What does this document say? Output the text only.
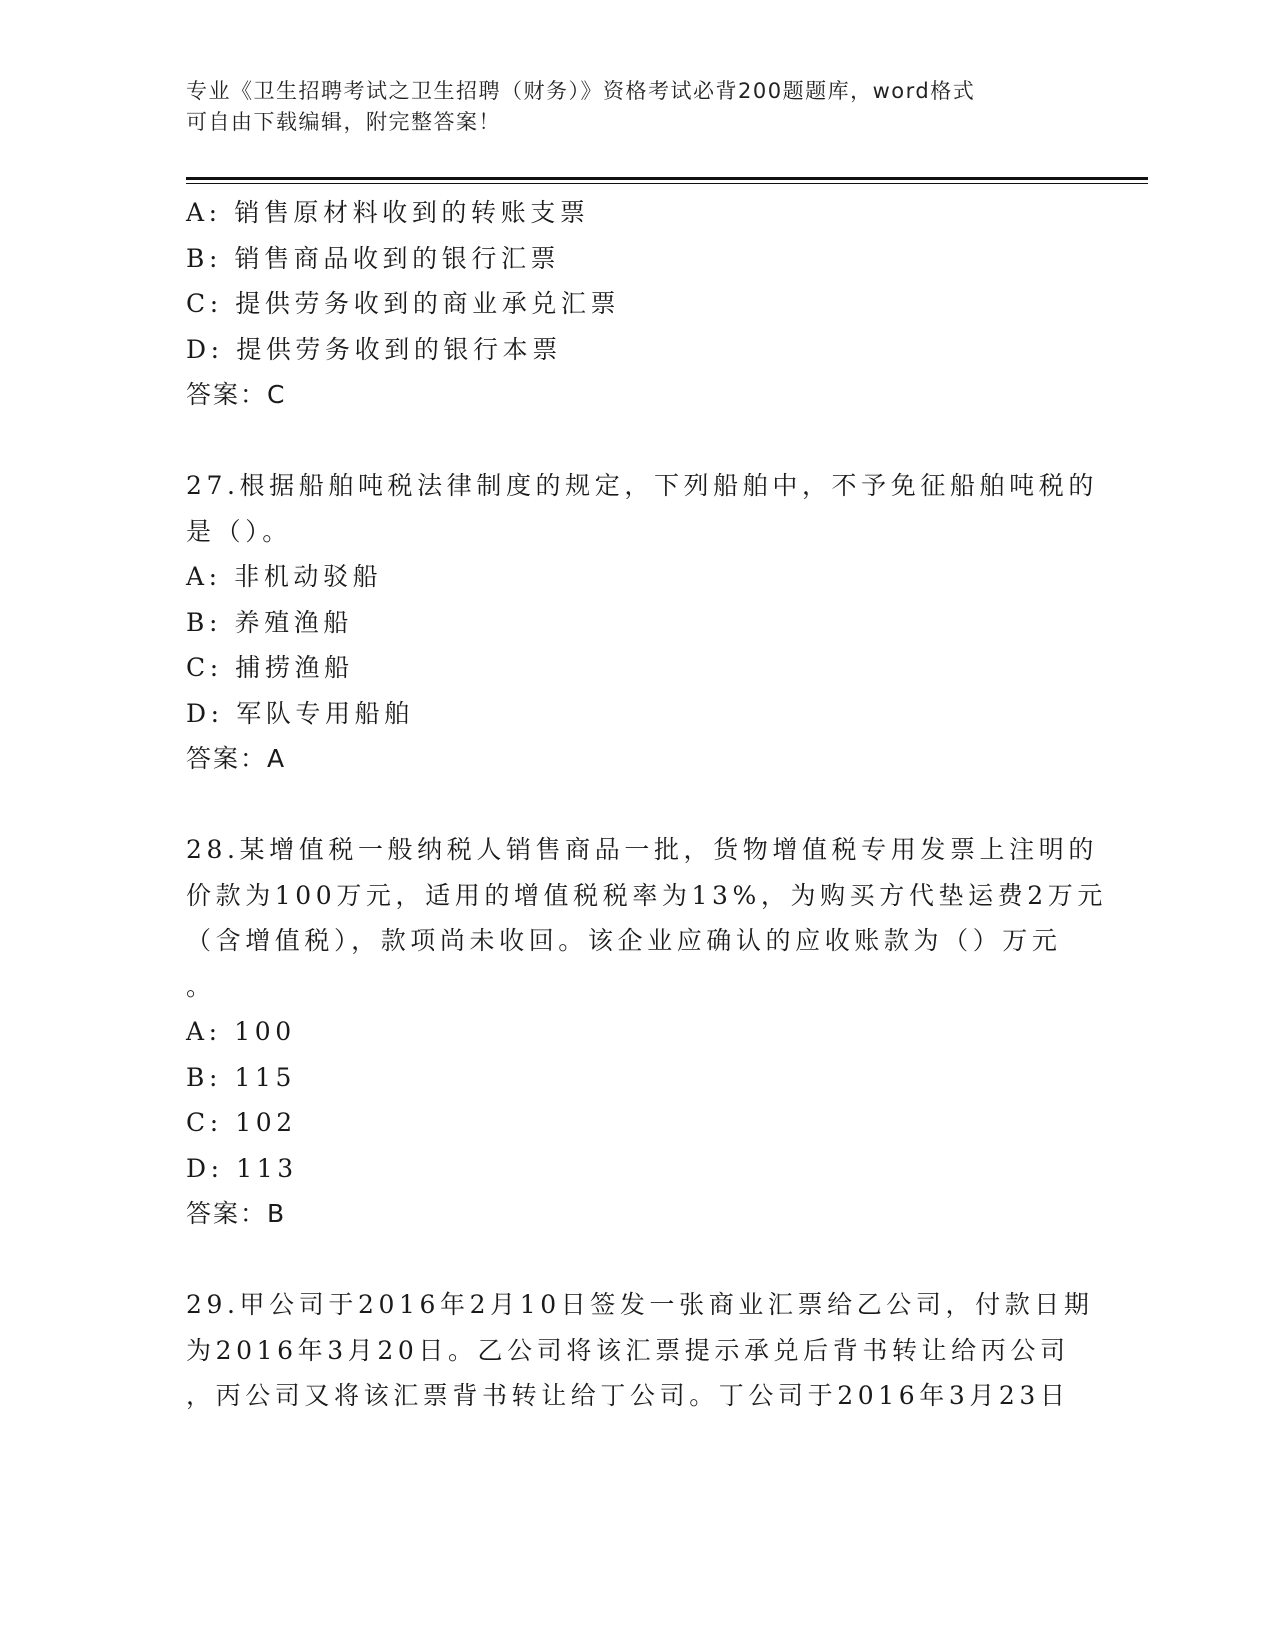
专业《卫生招聘考试之卫生招聘（财务）》资格考试必背200题题库，word格式
可自由下载编辑，附完整答案！
A: 销售原材料收到的转账支票
B: 销售商品收到的银行汇票
C: 提供劳务收到的商业承兑汇票
D: 提供劳务收到的银行本票
答案：C
27.根据船舶吨税法律制度的规定，下列船舶中，不予免征船舶吨税的
是（）。
A: 非机动驳船
B: 养殖渔船
C: 捕捞渔船
D: 军队专用船舶
答案：A
28.某增值税一般纳税人销售商品一批，货物增值税专用发票上注明的
价款为100万元，适用的增值税税率为13%，为购买方代垫运费2万元
（含增值税），款项尚未收回。该企业应确认的应收账款为（）万元
。
A: 100
B: 115
C: 102
D: 113
答案：B
29.甲公司于2016年2月10日签发一张商业汇票给乙公司，付款日期
为2016年3月20日。乙公司将该汇票提示承兑后背书转让给丙公司
，丙公司又将该汇票背书转让给丁公司。丁公司于2016年3月23日
